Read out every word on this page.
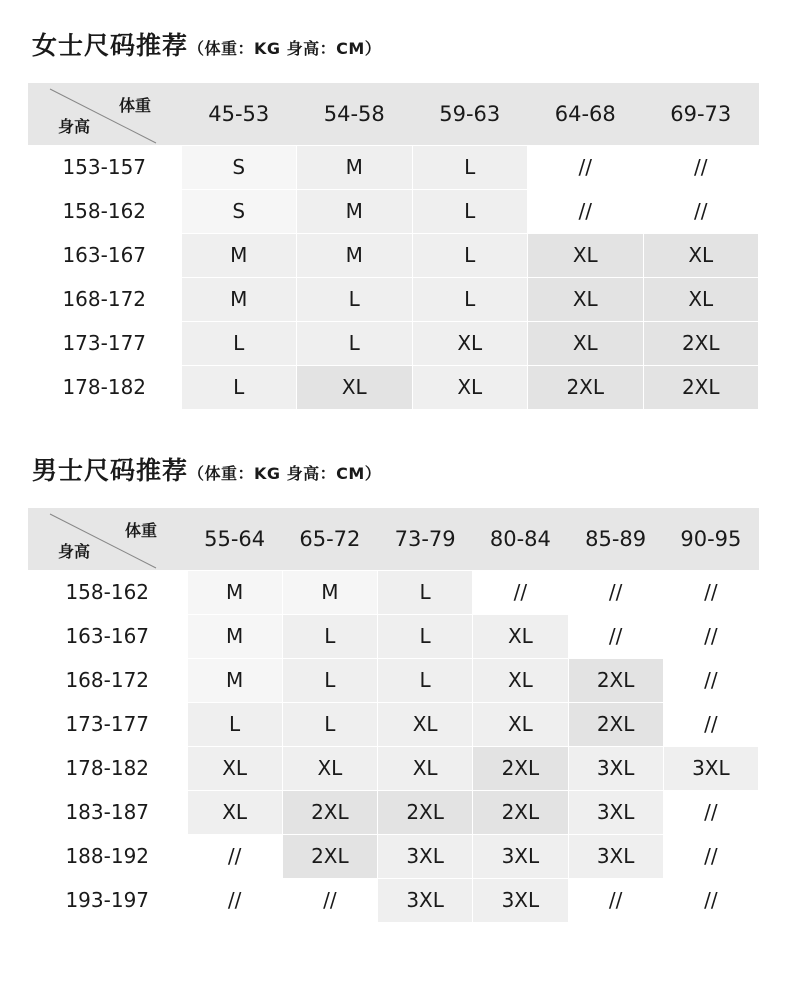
女士尺码推荐（体重：KG 身高：CM）
体重
身高	45-53	54-58	59-63	64-68	69-73
153-157	S	M	L	//	//
158-162	S	M	L	//	//
163-167	M	M	L	XL	XL
168-172	M	L	L	XL	XL
173-177	L	L	XL	XL	2XL
178-182	L	XL	XL	2XL	2XL
男士尺码推荐（体重：KG 身高：CM）
体重
身高	55-64	65-72	73-79	80-84	85-89	90-95
158-162	M	M	L	//	//	//
163-167	M	L	L	XL	//	//
168-172	M	L	L	XL	2XL	//
173-177	L	L	XL	XL	2XL	//
178-182	XL	XL	XL	2XL	3XL	3XL
183-187	XL	2XL	2XL	2XL	3XL	//
188-192	//	2XL	3XL	3XL	3XL	//
193-197	//	//	3XL	3XL	//	//
